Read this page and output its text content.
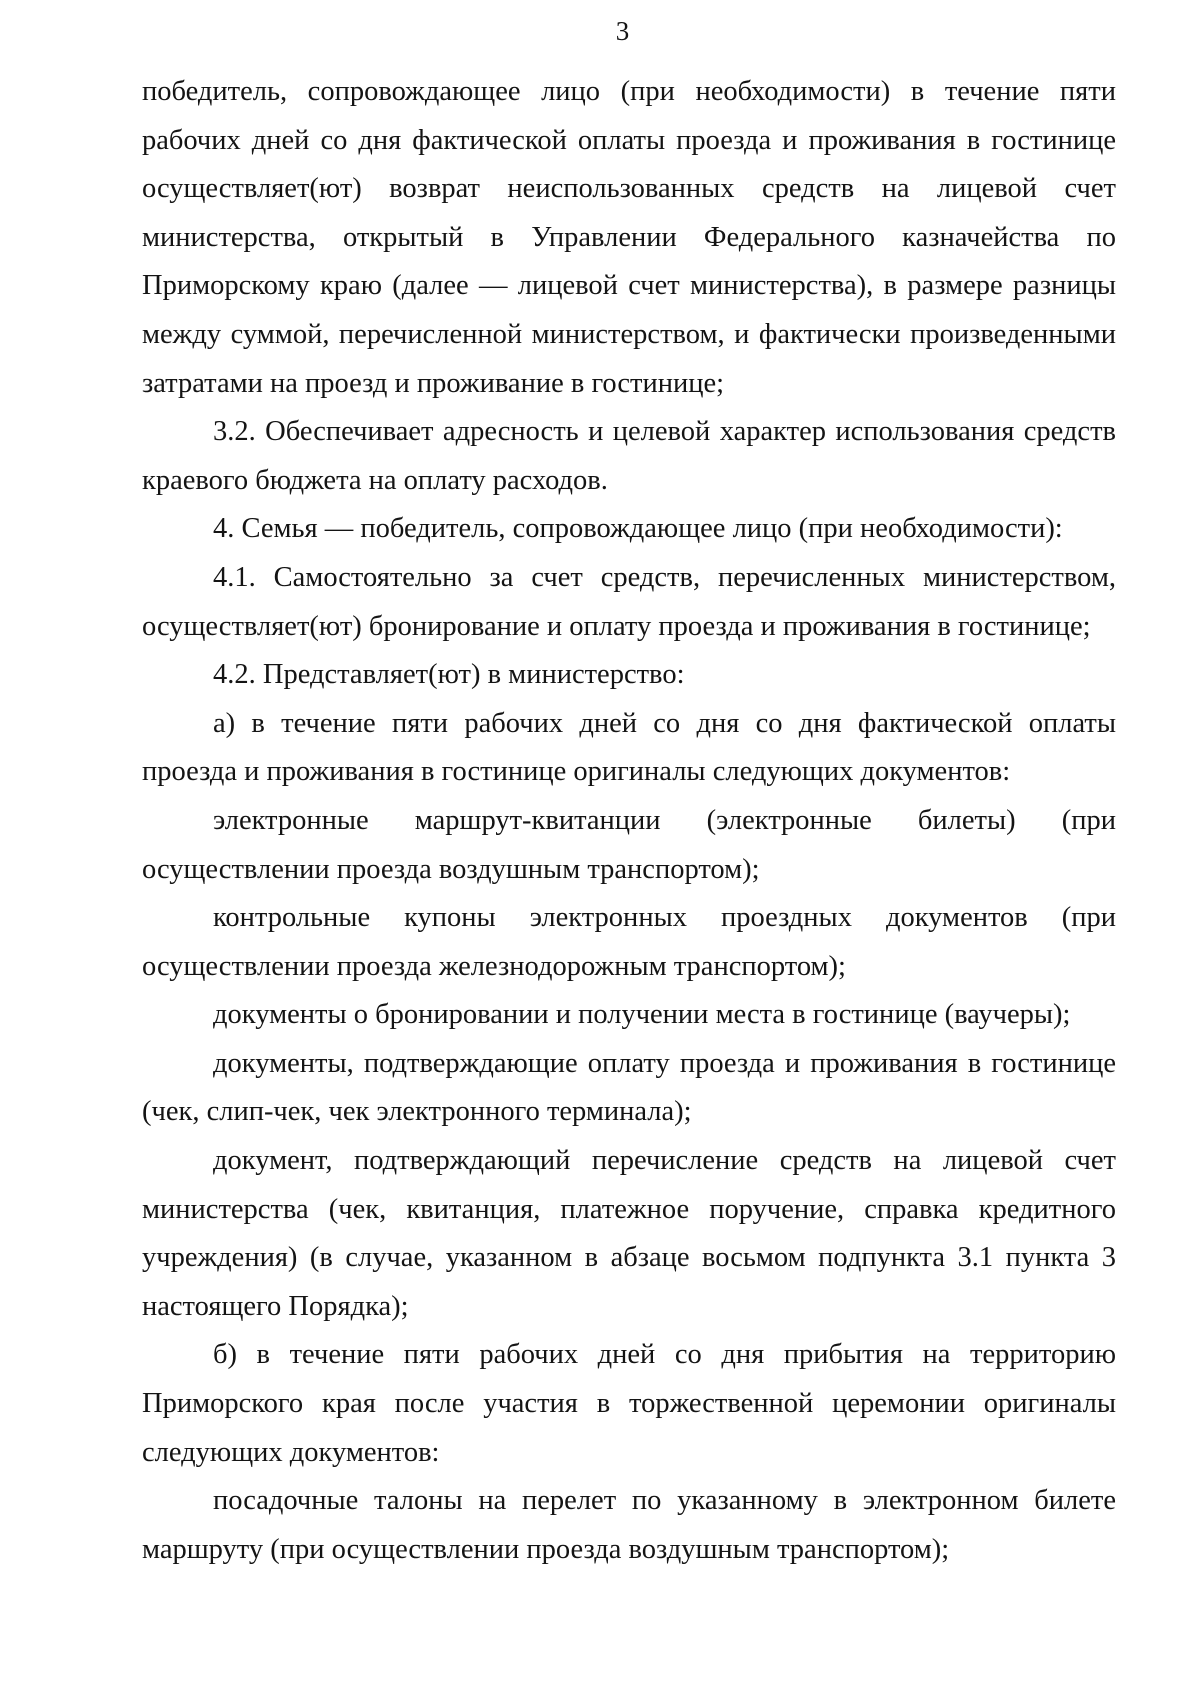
3

победитель, сопровождающее лицо (при необходимости) в течение пяти рабочих дней со дня фактической оплаты проезда и проживания в гостинице осуществляет(ют) возврат неиспользованных средств на лицевой счет министерства, открытый в Управлении Федерального казначейства по Приморскому краю (далее — лицевой счет министерства), в размере разницы между суммой, перечисленной министерством, и фактически произведенными затратами на проезд и проживание в гостинице;

3.2. Обеспечивает адресность и целевой характер использования средств краевого бюджета на оплату расходов.

4. Семья — победитель, сопровождающее лицо (при необходимости):

4.1. Самостоятельно за счет средств, перечисленных министерством, осуществляет(ют) бронирование и оплату проезда и проживания в гостинице;

4.2. Представляет(ют) в министерство:

а) в течение пяти рабочих дней со дня со дня фактической оплаты проезда и проживания в гостинице оригиналы следующих документов:

электронные маршрут-квитанции (электронные билеты) (при осуществлении проезда воздушным транспортом);

контрольные купоны электронных проездных документов (при осуществлении проезда железнодорожным транспортом);

документы о бронировании и получении места в гостинице (ваучеры);

документы, подтверждающие оплату проезда и проживания в гостинице (чек, слип-чек, чек электронного терминала);

документ, подтверждающий перечисление средств на лицевой счет министерства (чек, квитанция, платежное поручение, справка кредитного учреждения) (в случае, указанном в абзаце восьмом подпункта 3.1 пункта 3 настоящего Порядка);

б) в течение пяти рабочих дней со дня прибытия на территорию Приморского края после участия в торжественной церемонии оригиналы следующих документов:

посадочные талоны на перелет по указанному в электронном билете маршруту (при осуществлении проезда воздушным транспортом);
